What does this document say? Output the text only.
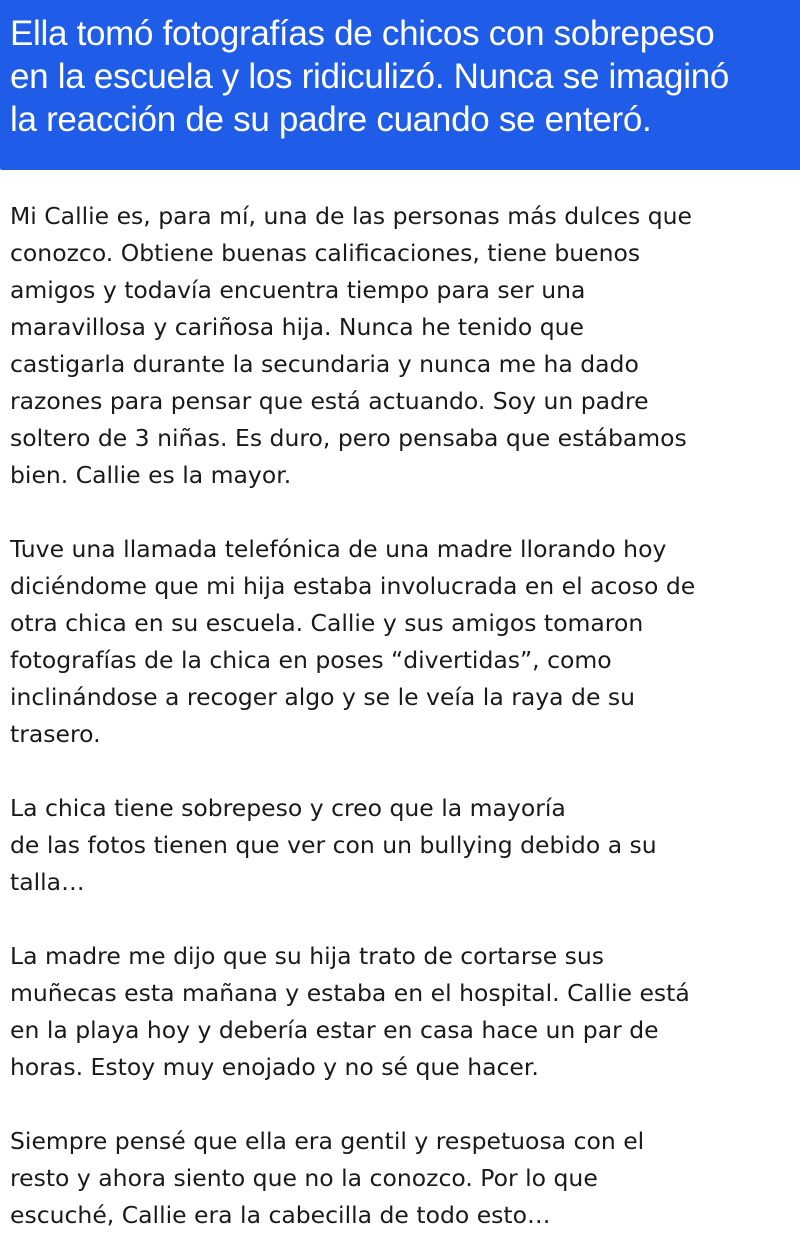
Ella tomó fotografías de chicos con sobrepeso
en la escuela y los ridiculizó. Nunca se imaginó
la reacción de su padre cuando se enteró.

Mi Callie es, para mí, una de las personas más dulces que
conozco. Obtiene buenas calificaciones, tiene buenos
amigos y todavía encuentra tiempo para ser una
maravillosa y cariñosa hija. Nunca he tenido que
castigarla durante la secundaria y nunca me ha dado
razones para pensar que está actuando. Soy un padre
soltero de 3 niñas. Es duro, pero pensaba que estábamos
bien. Callie es la mayor.

Tuve una llamada telefónica de una madre llorando hoy
diciéndome que mi hija estaba involucrada en el acoso de
otra chica en su escuela. Callie y sus amigos tomaron
fotografías de la chica en poses “divertidas”, como
inclinándose a recoger algo y se le veía la raya de su
trasero.

La chica tiene sobrepeso y creo que la mayoría
de las fotos tienen que ver con un bullying debido a su
talla…

La madre me dijo que su hija trato de cortarse sus
muñecas esta mañana y estaba en el hospital. Callie está
en la playa hoy y debería estar en casa hace un par de
horas. Estoy muy enojado y no sé que hacer.

Siempre pensé que ella era gentil y respetuosa con el
resto y ahora siento que no la conozco. Por lo que
escuché, Callie era la cabecilla de todo esto…
